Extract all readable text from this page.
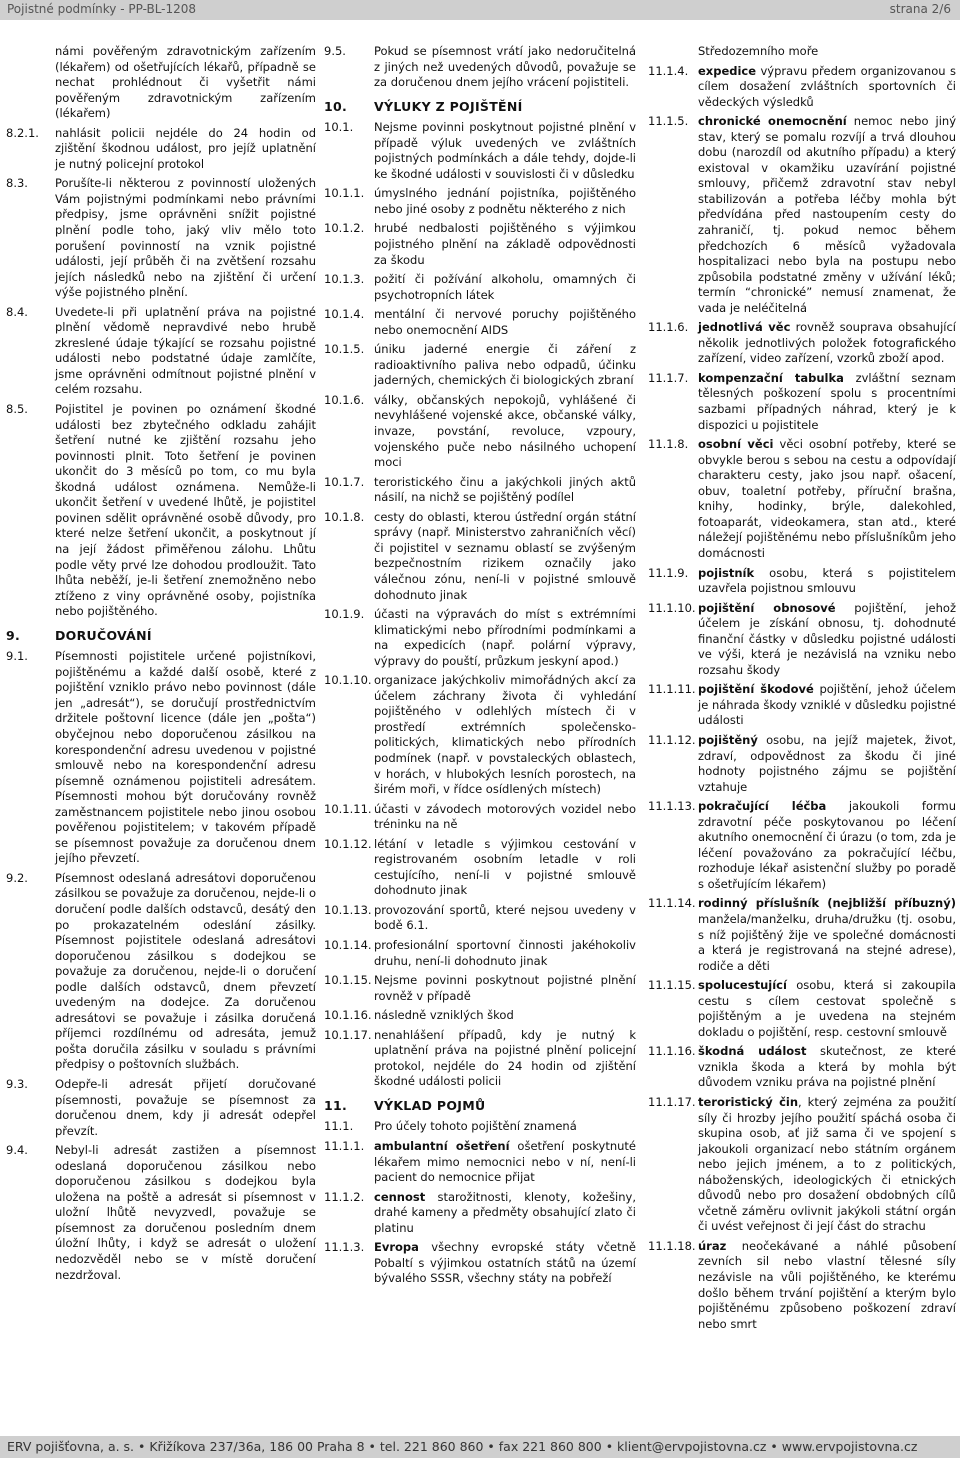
Pojistné podmínky - PP-BL-1208	strana 2/6
námi pověřeným zdravotnickým zařízením (lékařem) od ošetřujících lékařů, případně se nechat prohlédnout či vyšetřit námi pověřeným zdravotnickým zařízením (lékařem)
8.2.1.	nahlásit policii nejdéle do 24 hodin od zjištění škodnou událost, pro jejíž uplatnění je nutný policejní protokol
8.3.	Porušíte-li některou z povinností uložených Vám pojistnými podmínkami nebo právními předpisy, jsme oprávněni snížit pojistné plnění podle toho, jaký vliv mělo toto porušení povinností na vznik pojistné události, její průběh či na zvětšení rozsahu jejích následků nebo na zjištění či určení výše pojistného plnění.
8.4.	Uvedete-li při uplatnění práva na pojistné plnění vědomě nepravdivé nebo hrubě zkreslené údaje týkající se rozsahu pojistné události nebo podstatné údaje zamlčíte, jsme oprávněni odmítnout pojistné plnění v celém rozsahu.
8.5.	Pojistitel je povinen po oznámení škodné události bez zbytečného odkladu zahájit šetření nutné ke zjištění rozsahu jeho povinnosti plnit. Toto šetření je povinen ukončit do 3 měsíců po tom, co mu byla škodná událost oznámena. Nemůže-li ukončit šetření v uvedené lhůtě, je pojistitel povinen sdělit oprávněné osobě důvody, pro které nelze šetření ukončit, a poskytnout jí na její žádost přiměřenou zálohu. Lhůtu podle věty prvé lze dohodou prodloužit. Tato lhůta neběží, je-li šetření znemožněno nebo ztíženo z viny oprávněné osoby, pojistníka nebo pojištěného.
9.	DORUČOVÁNÍ
9.1.	Písemnosti pojistitele určené pojistníkovi, pojištěnému a každé další osobě, které z pojištění vzniklo právo nebo povinnost (dále jen „adresát“), se doručují prostřednictvím držitele poštovní licence (dále jen „pošta“) obyčejnou nebo doporučenou zásilkou na korespondenční adresu uvedenou v pojistné smlouvě nebo na korespondenční adresu písemně oznámenou pojistiteli adresátem. Písemnosti mohou být doručovány rovněž zaměstnancem pojistitele nebo jinou osobou pověřenou pojistitelem; v takovém případě se písemnost považuje za doručenou dnem jejího převzetí.
9.2.	Písemnost odeslaná adresátovi doporučenou zásilkou se považuje za doručenou, nejde-li o doručení podle dalších odstavců, desátý den po prokazatelném odeslání zásilky. Písemnost pojistitele odeslaná adresátovi doporučenou zásilkou s dodejkou se považuje za doručenou, nejde-li o doručení podle dalších odstavců, dnem převzetí uvedeným na dodejce. Za doručenou adresátovi se považuje i zásilka doručená příjemci rozdílnému od adresáta, jemuž pošta doručila zásilku v souladu s právními předpisy o poštovních službách.
9.3.	Odepře-li adresát přijetí doručované písemnosti, považuje se písemnost za doručenou dnem, kdy ji adresát odepřel převzít.
9.4.	Nebyl-li adresát zastižen a písemnost odeslaná doporučenou zásilkou nebo doporučenou zásilkou s dodejkou byla uložena na poště a adresát si písemnost v uložní lhůtě nevyzvedl, považuje se písemnost za doručenou posledním dnem úložní lhůty, i když se adresát o uložení nedozvěděl nebo se v místě doručení nezdržoval.
9.5.	Pokud se písemnost vrátí jako nedoručitelná z jiných než uvedených důvodů, považuje se za doručenou dnem jejího vrácení pojistiteli.
10.	VÝLUKY Z POJIŠTĚNÍ
10.1.	Nejsme povinni poskytnout pojistné plnění v případě výluk uvedených ve zvláštních pojistných podmínkách a dále tehdy, dojde-li ke škodné události v souvislosti či v důsledku
10.1.1. úmyslného jednání pojistníka, pojištěného nebo jiné osoby z podnětu některého z nich
10.1.2. hrubé nedbalosti pojištěného s výjimkou pojistného plnění na základě odpovědnosti za škodu
10.1.3. požití či požívání alkoholu, omamných či psychotropních látek
10.1.4. mentální či nervové poruchy pojištěného nebo onemocnění AIDS
10.1.5. úniku jaderné energie či záření z radioaktivního paliva nebo odpadů, účinku jaderných, chemických či biologických zbraní
10.1.6. války, občanských nepokojů, vyhlášené či nevyhlášené vojenské akce, občanské války, invaze, povstání, revoluce, vzpoury, vojenského puče nebo násilného uchopení moci
10.1.7. teroristického činu a jakýchkoli jiných aktů násilí, na nichž se pojištěný podílel
10.1.8. cesty do oblasti, kterou ústřední orgán státní správy (např. Ministerstvo zahraničních věcí) či pojistitel v seznamu oblastí se zvýšeným bezpečnostním rizikem označily jako válečnou zónu, není-li v pojistné smlouvě dohodnuto jinak
10.1.9. účasti na výpravách do míst s extrémními klimatickými nebo přírodními podmínkami a na expedicích (např. polární výpravy, výpravy do pouští, průzkum jeskyní apod.)
10.1.10. organizace jakýchkoliv mimořádných akcí za účelem záchrany života či vyhledání pojištěného v odlehlých místech či v prostředí extrémních společensko-politických, klimatických nebo přírodních podmínek (např. v povstaleckých oblastech, v horách, v hlubokých lesních porostech, na širém moři, v řídce osídlených místech)
10.1.11. účasti v závodech motorových vozidel nebo tréninku na ně
10.1.12. létání v letadle s výjimkou cestování v registrovaném osobním letadle v roli cestujícího, není-li v pojistné smlouvě dohodnuto jinak
10.1.13. provozování sportů, které nejsou uvedeny v bodě 6.1.
10.1.14. profesionální sportovní činnosti jakéhokoliv druhu, není-li dohodnuto jinak
10.1.15. Nejsme povinni poskytnout pojistné plnění rovněž v případě
10.1.16. následně vzniklých škod
10.1.17. nenahlášení případů, kdy je nutný k uplatnění práva na pojistné plnění policejní protokol, nejdéle do 24 hodin od zjištění škodné události policii
11.	VÝKLAD POJMŮ
11.1.	Pro účely tohoto pojištění znamená
11.1.1. ambulantní ošetření ošetření poskytnuté lékařem mimo nemocnici nebo v ní, není-li pacient do nemocnice přijat
11.1.2. cennost starožitnosti, klenoty, kožešiny, drahé kameny a předměty obsahující zlato či platinu
11.1.3. Evropa všechny evropské státy včetně Pobaltí s výjimkou ostatních států na území bývalého SSSR, všechny státy na pobřeží
Středozemního moře
11.1.4. expedice výpravu předem organizovanou s cílem dosažení zvláštních sportovních či vědeckých výsledků
11.1.5. chronické onemocnění nemoc nebo jiný stav, který se pomalu rozvíjí a trvá dlouhou dobu (narozdíl od akutního případu) a který existoval v okamžiku uzavírání pojistné smlouvy, přičemž zdravotní stav nebyl stabilizován a potřeba léčby mohla být předvídána před nastoupením cesty do zahraničí, tj. pokud nemoc během předchozích 6 měsíců vyžadovala hospitalizaci nebo byla na postupu nebo způsobila podstatné změny v užívání léků; termín “chronické” nemusí znamenat, že vada je neléčitelná
11.1.6. jednotlivá věc rovněž souprava obsahující několik jednotlivých položek fotografického zařízení, video zařízení, vzorků zboží apod.
11.1.7. kompenzační tabulka zvláštní seznam tělesných poškození spolu s procentními sazbami případných náhrad, který je k dispozici u pojistitele
11.1.8. osobní věci věci osobní potřeby, které se obvykle berou s sebou na cestu a odpovídají charakteru cesty, jako jsou např. ošacení, obuv, toaletní potřeby, příruční brašna, knihy, hodinky, brýle, dalekohled, fotoaparát, videokamera, stan atd., které náležejí pojištěnému nebo příslušníkům jeho domácnosti
11.1.9. pojistník osobu, která s pojistitelem uzavřela pojistnou smlouvu
11.1.10. pojištění obnosové pojištění, jehož účelem je získání obnosu, tj. dohodnuté finanční částky v důsledku pojistné události ve výši, která je nezávislá na vzniku nebo rozsahu škody
11.1.11. pojištění škodové pojištění, jehož účelem je náhrada škody vzniklé v důsledku pojistné události
11.1.12. pojištěný osobu, na jejíž majetek, život, zdraví, odpovědnost za škodu či jiné hodnoty pojistného zájmu se pojištění vztahuje
11.1.13. pokračující léčba jakoukoli formu zdravotní péče poskytovanou po léčení akutního onemocnění či úrazu (o tom, zda je léčení považováno za pokračující léčbu, rozhoduje lékař asistenční služby po poradě s ošetřujícím lékařem)
11.1.14. rodinný příslušník (nejbližší příbuzný) manžela/manželku, druha/družku (tj. osobu, s níž pojištěný žije ve společné domácnosti a která je registrovaná na stejné adrese), rodiče a děti
11.1.15. spolucestující osobu, která si zakoupila cestu s cílem cestovat společně s pojištěným a je uvedena na stejném dokladu o pojištění, resp. cestovní smlouvě
11.1.16. škodná událost skutečnost, ze které vznikla škoda a která by mohla být důvodem vzniku práva na pojistné plnění
11.1.17. teroristický čin, který zejména za použití síly či hrozby jejího použití spáchá osoba či skupina osob, ať již sama či ve spojení s jakoukoli organizací nebo státním orgánem nebo jejich jménem, a to z politických, náboženských, ideologických či etnických důvodů nebo pro dosažení obdobných cílů včetně záměru ovlivnit jakýkoli státní orgán či uvést veřejnost či její část do strachu
11.1.18. úraz neočekávané a náhlé působení zevních sil nebo vlastní tělesné síly nezávisle na vůli pojištěného, ke kterému došlo během trvání pojištění a kterým bylo pojištěnému způsobeno poškození zdraví nebo smrt
ERV pojišťovna, a. s. • Křižíkova 237/36a, 186 00 Praha 8 • tel. 221 860 860 • fax 221 860 800 • klient@ervpojistovna.cz • www.ervpojistovna.cz
